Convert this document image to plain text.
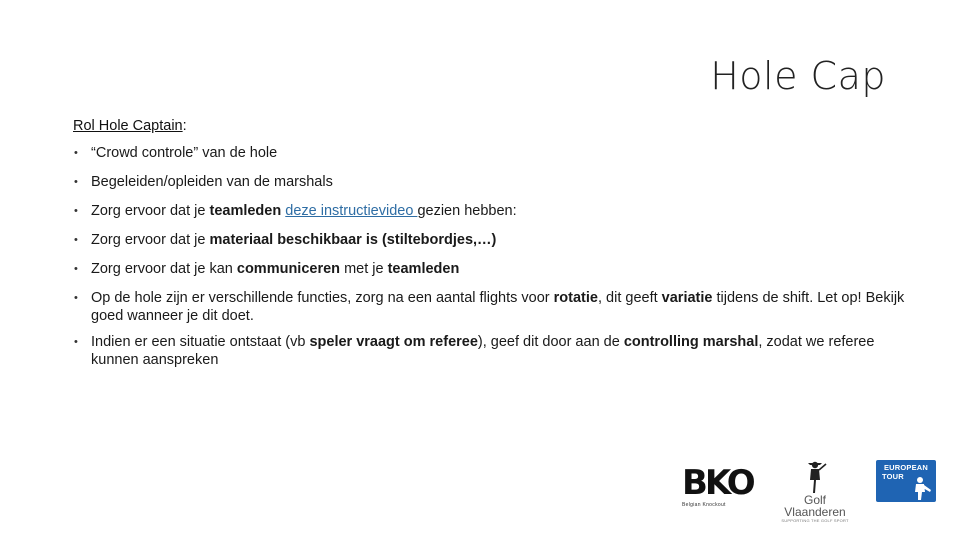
Hole Cap
Rol Hole Captain:
• “Crowd controle” van de hole
• Begeleiden/opleiden van de marshals
• Zorg ervoor dat je teamleden deze instructievideo gezien hebben:
• Zorg ervoor dat je materiaal beschikbaar is (stiltebordjes,…)
• Zorg ervoor dat je kan communiceren met je teamleden
• Op de hole zijn er verschillende functies, zorg na een aantal flights voor rotatie, dit geeft variatie tijdens de shift. Let op! Bekijk goed wanneer je dit doet.
• Indien er een situatie ontstaat (vb speler vraagt om referee), geef dit door aan de controlling marshal, zodat we referee kunnen aanspreken
BKO
Belgian Knockout	Golf
Vlaanderen
SUPPORTING THE GOLF SPORT
EUROPEAN
TOUR
